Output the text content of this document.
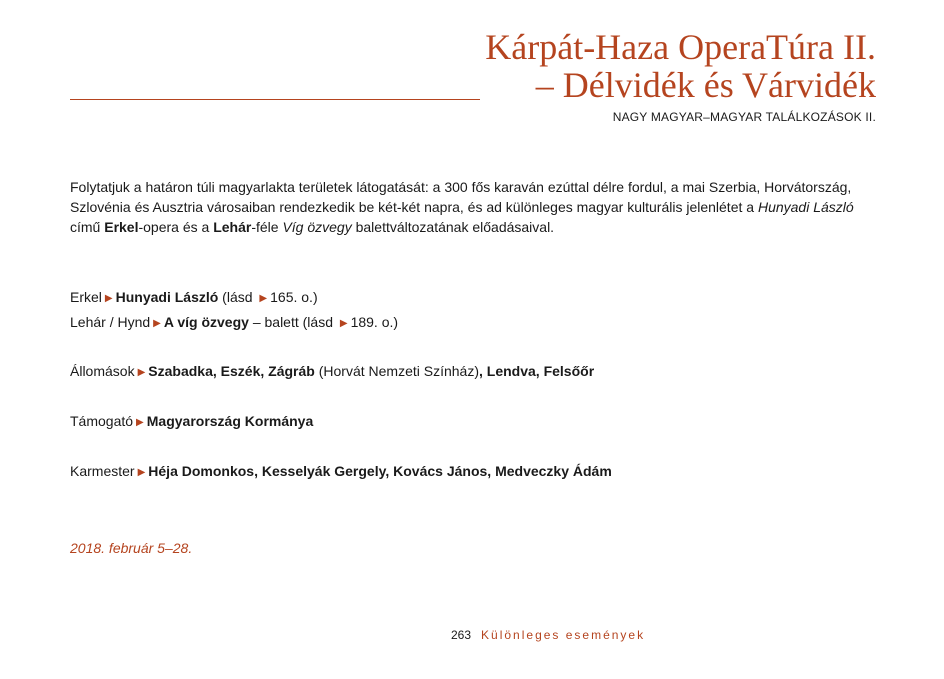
Kárpát-Haza OperaTúra II.
– Délvidék és Várvidék
NAGY MAGYAR–MAGYAR TALÁLKOZÁSOK II.
Folytatjuk a határon túli magyarlakta területek látogatását: a 300 fős karaván ezúttal délre fordul, a mai Szerbia, Horvátország, Szlovénia és Ausztria városaiban rendezkedik be két-két napra, és ad különleges magyar kulturális jelenlétet a Hunyadi László című Erkel-opera és a Lehár-féle Víg özvegy balettváltozatának előadásaival.
Erkel ▶ Hunyadi László (lásd ▶ 165. o.)
Lehár / Hynd ▶ A víg özvegy – balett (lásd ▶ 189. o.)
Állomások ▶ Szabadka, Eszék, Zágráb (Horvát Nemzeti Színház), Lendva, Felsőőr
Támogató ▶ Magyarország Kormánya
Karmester ▶ Héja Domonkos, Kesselyák Gergely, Kovács János, Medveczky Ádám
2018. február 5–28.
263 Különleges események
